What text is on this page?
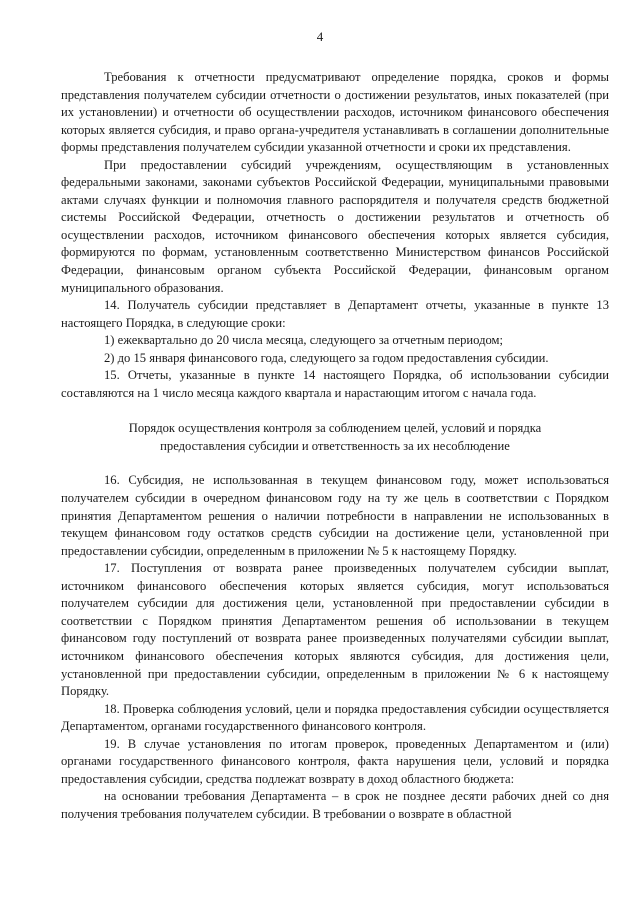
4

Требования к отчетности предусматривают определение порядка, сроков и формы представления получателем субсидии отчетности о достижении результатов, иных показателей (при их установлении) и отчетности об осуществлении расходов, источником финансового обеспечения которых является субсидия, и право органа-учредителя устанавливать в соглашении дополнительные формы представления получателем субсидии указанной отчетности и сроки их представления.

При предоставлении субсидий учреждениям, осуществляющим в установленных федеральными законами, законами субъектов Российской Федерации, муниципальными правовыми актами случаях функции и полномочия главного распорядителя и получателя средств бюджетной системы Российской Федерации, отчетность о достижении результатов и отчетность об осуществлении расходов, источником финансового обеспечения которых является субсидия, формируются по формам, установленным соответственно Министерством финансов Российской Федерации, финансовым органом субъекта Российской Федерации, финансовым органом муниципального образования.

14. Получатель субсидии представляет в Департамент отчеты, указанные в пункте 13 настоящего Порядка, в следующие сроки:

1) ежеквартально до 20 числа месяца, следующего за отчетным периодом;

2) до 15 января финансового года, следующего за годом предоставления субсидии.

15. Отчеты, указанные в пункте 14 настоящего Порядка, об использовании субсидии составляются на 1 число месяца каждого квартала и нарастающим итогом с начала года.

Порядок осуществления контроля за соблюдением целей, условий и порядка
предоставления субсидии и ответственность за их несоблюдение

16. Субсидия, не использованная в текущем финансовом году, может использоваться получателем субсидии в очередном финансовом году на ту же цель в соответствии с Порядком принятия Департаментом решения о наличии потребности в направлении не использованных в текущем финансовом году остатков средств субсидии на достижение цели, установленной при предоставлении субсидии, определенным в приложении № 5 к настоящему Порядку.

17. Поступления от возврата ранее произведенных получателем субсидии выплат, источником финансового обеспечения которых является субсидия, могут использоваться получателем субсидии для достижения цели, установленной при предоставлении субсидии в соответствии с Порядком принятия Департаментом решения об использовании в текущем финансовом году поступлений от возврата ранее произведенных получателями субсидии выплат, источником финансового обеспечения которых являются субсидия, для достижения цели, установленной при предоставлении субсидии, определенным в приложении № 6 к настоящему Порядку.

18. Проверка соблюдения условий, цели и порядка предоставления субсидии осуществляется Департаментом, органами государственного финансового контроля.

19. В случае установления по итогам проверок, проведенных Департаментом и (или) органами государственного финансового контроля, факта нарушения цели, условий и порядка предоставления субсидии, средства подлежат возврату в доход областного бюджета:

на основании требования Департамента – в срок не позднее десяти рабочих дней со дня получения требования получателем субсидии. В требовании о возврате в областной
